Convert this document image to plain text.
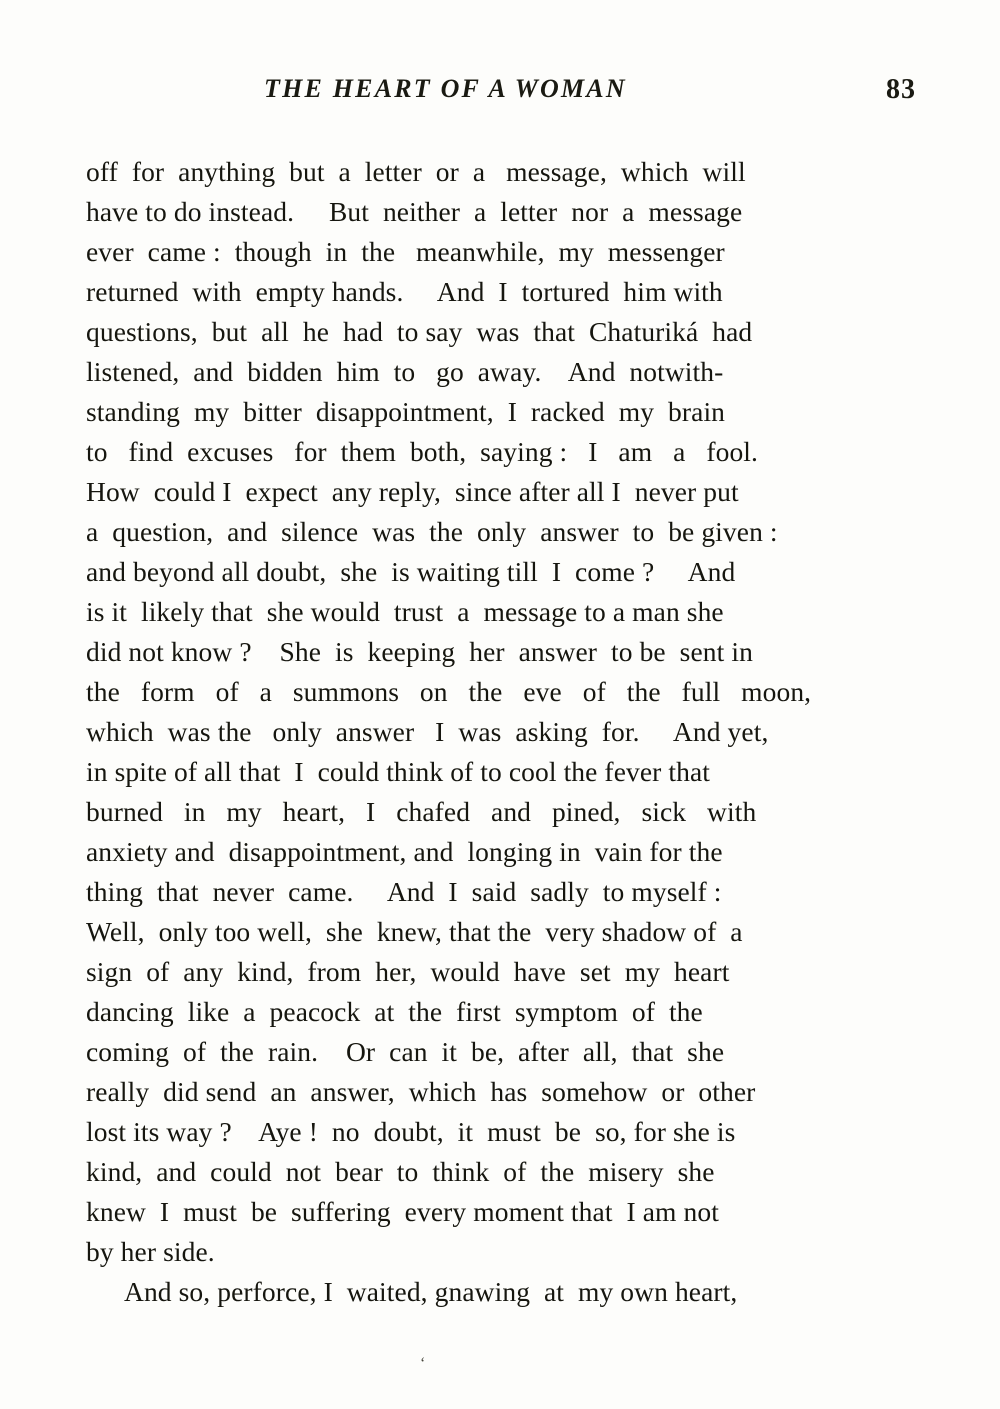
THE HEART OF A WOMAN	83
off  for  anything  but  a  letter  or  a   message,  which  will
have to do instead.     But  neither  a  letter  nor  a  message
ever  came :  though  in  the   meanwhile,  my  messenger
returned  with  empty hands.     And  I  tortured  him with
questions,  but  all  he  had  to say  was  that  Chaturiká  had
listened,  and  bidden  him  to   go  away.    And  notwith-
standing  my  bitter  disappointment,  I  racked  my  brain
to   find  excuses   for  them  both,  saying :   I   am   a   fool.
How  could I  expect  any reply,  since after all I  never put
a  question,  and  silence  was  the  only  answer  to  be given :
and beyond all doubt,  she  is waiting till  I  come ?     And
is it  likely that  she would  trust  a  message to a man she
did not know ?    She  is  keeping  her  answer  to be  sent in
the   form   of   a   summons   on   the   eve   of   the   full   moon,
which  was the   only  answer   I  was  asking  for.     And yet,
in spite of all that  I  could think of to cool the fever that
burned   in   my   heart,   I   chafed   and   pined,   sick   with
anxiety and  disappointment, and  longing in  vain for the
thing  that  never  came.     And  I  said  sadly  to myself :
Well,  only too well,  she  knew, that the  very shadow of  a
sign  of  any  kind,  from  her,  would  have  set  my  heart
dancing  like  a  peacock  at  the  first  symptom  of  the
coming  of  the  rain.    Or  can  it  be,  after  all,  that  she
really  did send  an  answer,  which  has  somehow  or  other
lost its way ?    Aye !  no  doubt,  it  must  be  so, for she is
kind,  and  could  not  bear  to  think  of  the  misery  she
knew  I  must  be  suffering  every moment that  I am not
by her side.
And so, perforce, I  waited, gnawing  at  my own heart,
‘
